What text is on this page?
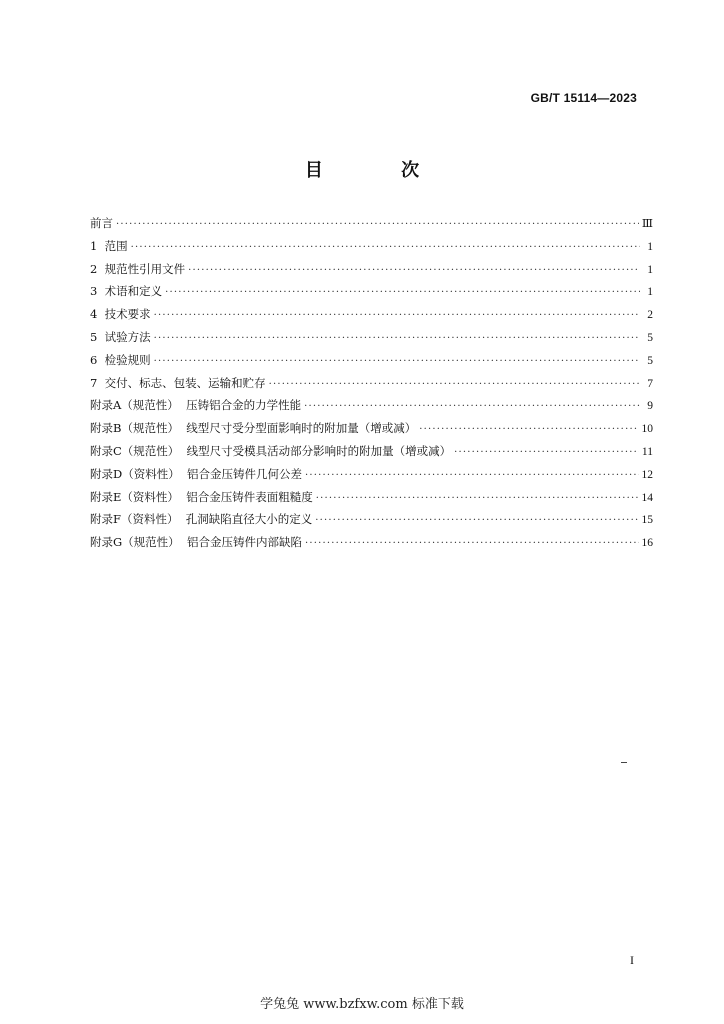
GB/T 15114—2023
目 次
前言 ·····	Ⅲ
1  范围 ·····	1
2  规范性引用文件 ·····	1
3  术语和定义 ·····	1
4  技术要求 ·····	2
5  试验方法 ·····	5
6  检验规则 ·····	5
7  交付、标志、包装、运输和贮存 ·····	7
附录A（规范性）  压铸铝合金的力学性能 ·····	9
附录B（规范性）  线型尺寸受分型面影响时的附加量（增或减） ·····	10
附录C（规范性）  线型尺寸受模具活动部分影响时的附加量（增或减） ·····	11
附录D（资料性）  铝合金压铸件几何公差 ·····	12
附录E（资料性）  铝合金压铸件表面粗糙度 ·····	14
附录F（资料性）  孔洞缺陷直径大小的定义 ·····	15
附录G（规范性）  铝合金压铸件内部缺陷 ·····	16
I
学兔兔 www.bzfxw.com 标准下载
